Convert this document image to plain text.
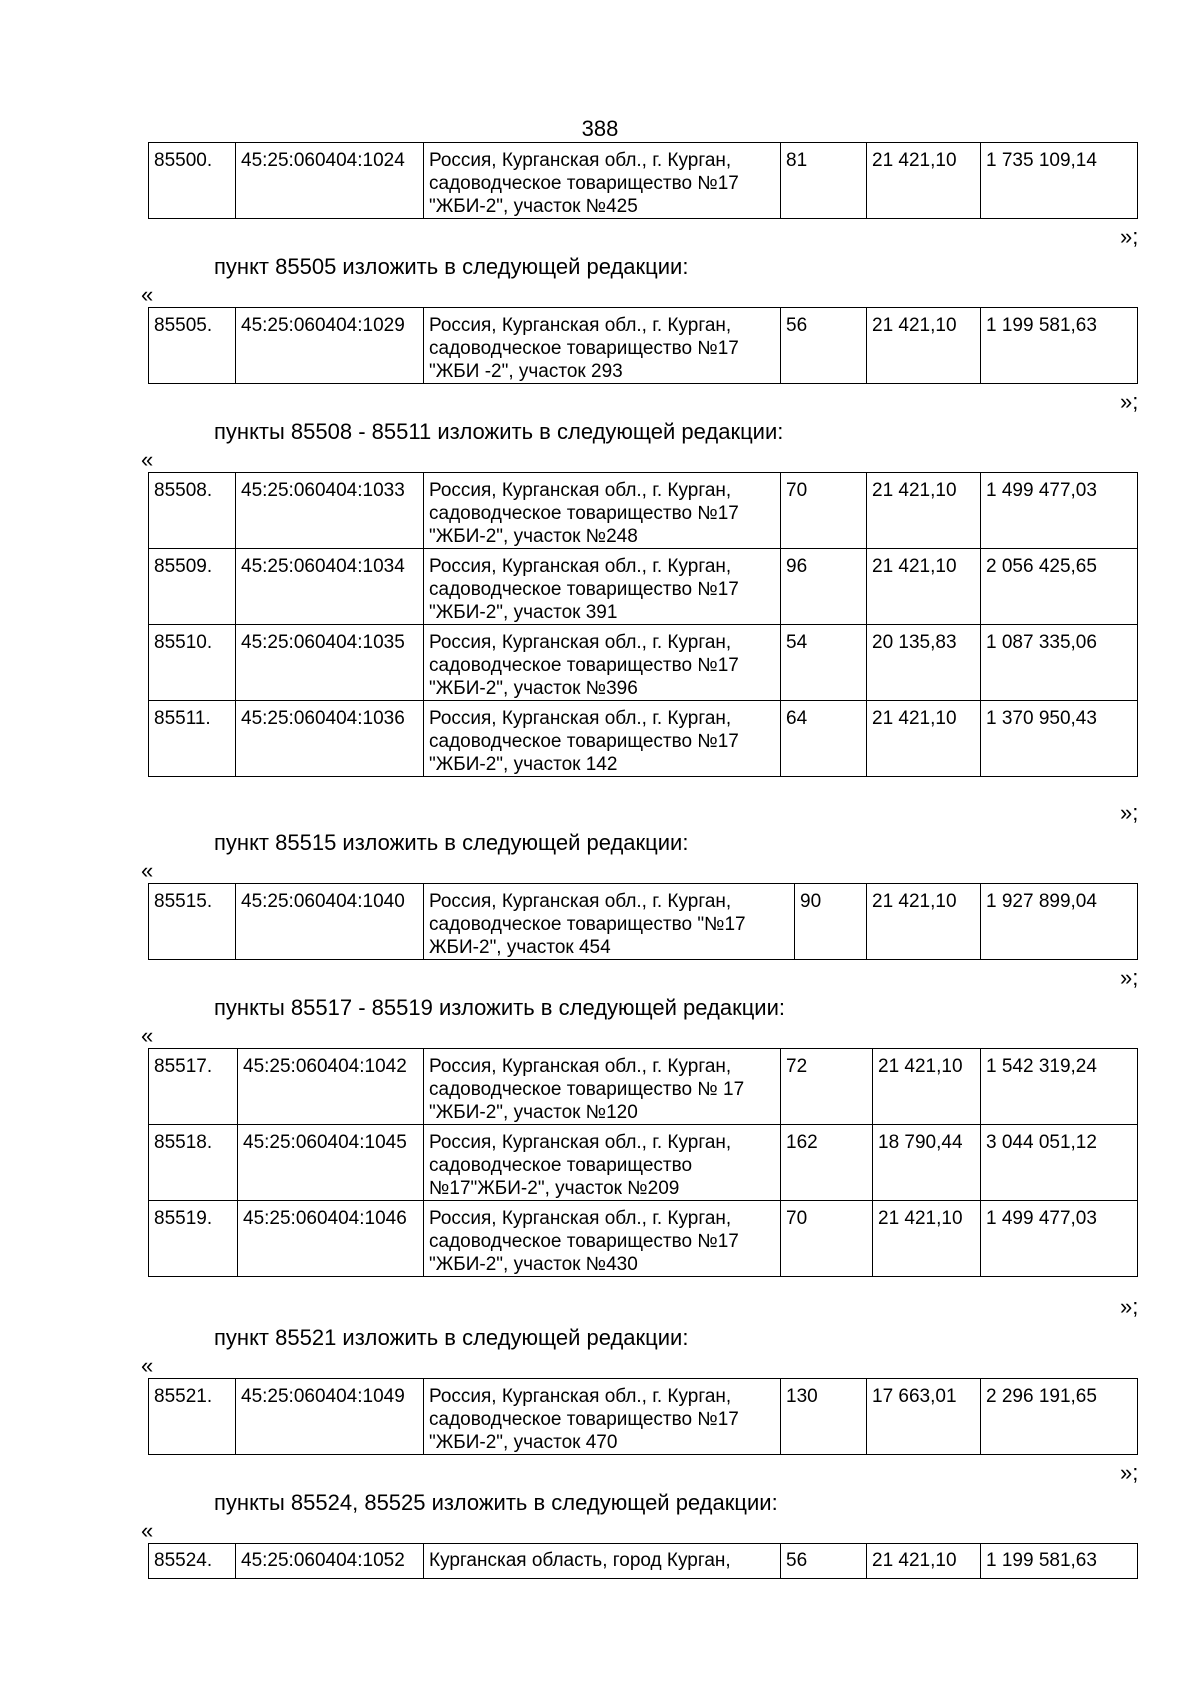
388
85500.	45:25:060404:1024	Россия, Курганская обл., г. Курган,
садоводческое товарищество №17
"ЖБИ-2", участок №425	81	21 421,10	1 735 109,14
»;
пункт 85505 изложить в следующей редакции:
«
85505.	45:25:060404:1029	Россия, Курганская обл., г. Курган,
садоводческое товарищество №17
"ЖБИ -2", участок 293	56	21 421,10	1 199 581,63
»;
пункты 85508 - 85511 изложить в следующей редакции:
«
85508.	45:25:060404:1033	Россия, Курганская обл., г. Курган,
садоводческое товарищество №17
"ЖБИ-2", участок №248	70	21 421,10	1 499 477,03
85509.	45:25:060404:1034	Россия, Курганская обл., г. Курган,
садоводческое товарищество №17
"ЖБИ-2", участок 391	96	21 421,10	2 056 425,65
85510.	45:25:060404:1035	Россия, Курганская обл., г. Курган,
садоводческое товарищество №17
"ЖБИ-2", участок №396	54	20 135,83	1 087 335,06
85511.	45:25:060404:1036	Россия, Курганская обл., г. Курган,
садоводческое товарищество №17
"ЖБИ-2", участок 142	64	21 421,10	1 370 950,43
»;
пункт 85515 изложить в следующей редакции:
«
85515.	45:25:060404:1040	Россия, Курганская обл., г. Курган,
садоводческое товарищество "№17
ЖБИ-2", участок 454	90	21 421,10	1 927 899,04
»;
пункты 85517 - 85519 изложить в следующей редакции:
«
85517.	45:25:060404:1042	Россия, Курганская обл., г. Курган,
садоводческое товарищество № 17
"ЖБИ-2", участок №120	72	21 421,10	1 542 319,24
85518.	45:25:060404:1045	Россия, Курганская обл., г. Курган,
садоводческое товарищество
№17"ЖБИ-2", участок №209	162	18 790,44	3 044 051,12
85519.	45:25:060404:1046	Россия, Курганская обл., г. Курган,
садоводческое товарищество №17
"ЖБИ-2", участок №430	70	21 421,10	1 499 477,03
»;
пункт 85521 изложить в следующей редакции:
«
85521.	45:25:060404:1049	Россия, Курганская обл., г. Курган,
садоводческое товарищество №17
"ЖБИ-2", участок 470	130	17 663,01	2 296 191,65
»;
пункты 85524, 85525 изложить в следующей редакции:
«
85524.	45:25:060404:1052	Курганская область, город Курган,	56	21 421,10	1 199 581,63
